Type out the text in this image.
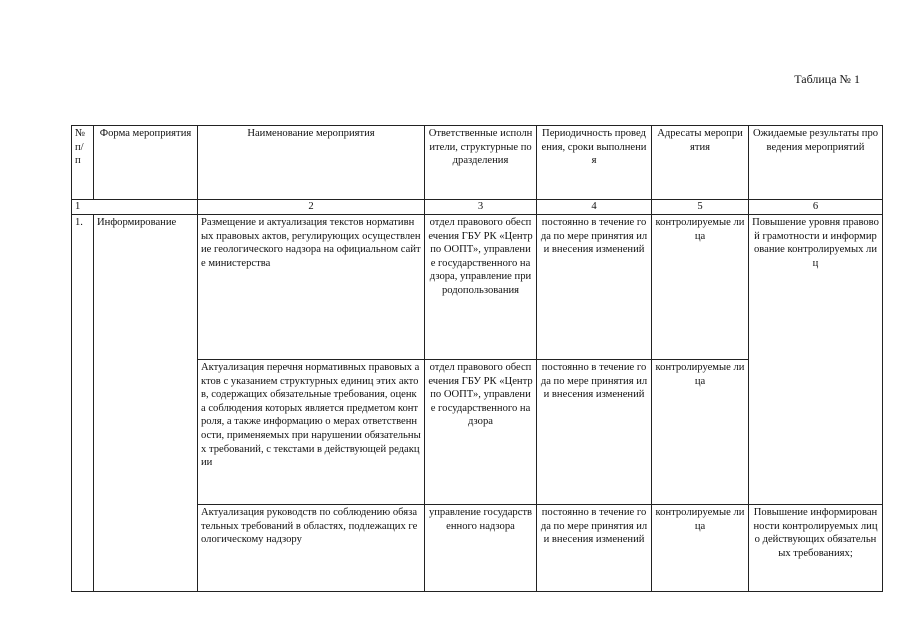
Таблица № 1
№ п/ п	Форма мероприятия	Наименование мероприятия	Ответственные исполнители, структурные подразделения	Периодичность проведения, сроки выполнения	Адресаты мероприятия	Ожидаемые результаты проведения мероприятий
1		2	3	4	5	6
1.	Информирование	Размещение и актуализация текстов нормативных правовых актов, регулирующих осуществление геологического надзора на официальном сайте министерства	отдел правового обеспечения ГБУ РК «Центр по ООПТ», управление государственного надзора, управление природопользования	постоянно в течение года по мере принятия или внесения изменений	контролируемые лица	Повышение уровня правовой грамотности и информирование контролируемых лиц
		Актуализация перечня нормативных правовых актов с указанием структурных единиц этих актов, содержащих обязательные требования, оценка соблюдения которых является предметом контроля, а также информацию о мерах ответственности, применяемых при нарушении обязательных требований, с текстами в действующей редакции	отдел правового обеспечения ГБУ РК «Центр по ООПТ», управление государственного надзора	постоянно в течение года по мере принятия или внесения изменений	контролируемые лица	
		Актуализация руководств по соблюдению обязательных требований в областях, подлежащих геологическому надзору	управление государственного надзора	постоянно в течение года по мере принятия или внесения изменений	контролируемые лица	Повышение информированности контролируемых лиц о действующих обязательных требованиях;
